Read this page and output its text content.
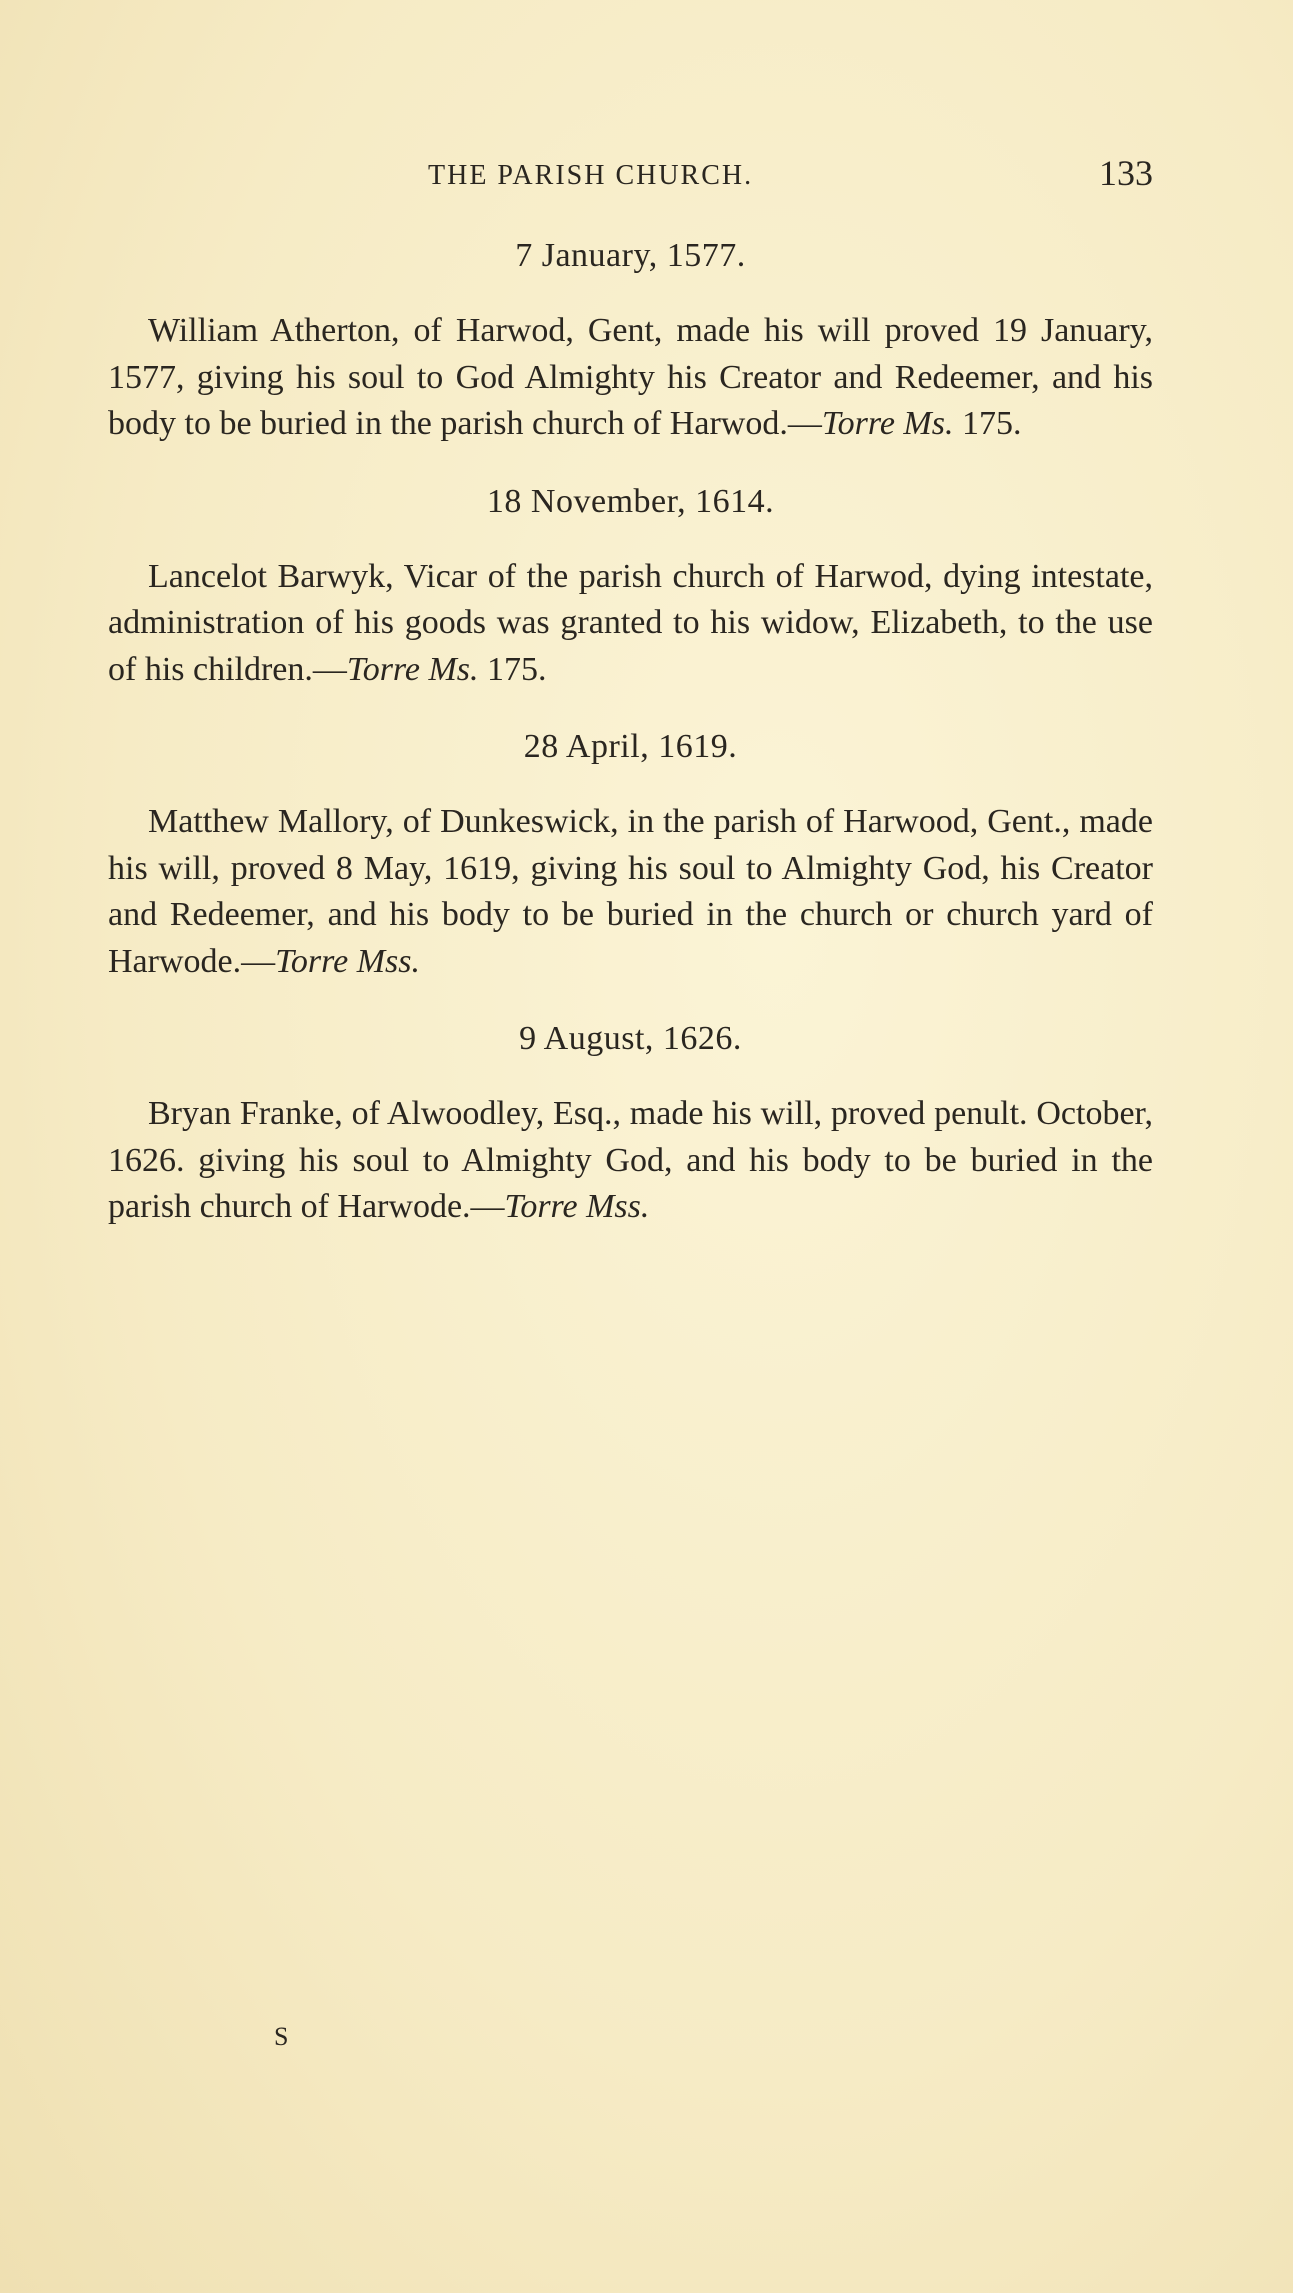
THE PARISH CHURCH.	133
7 January, 1577.

William Atherton, of Harwod, Gent, made his will proved 19 January, 1577, giving his soul to God Almighty his Creator and Redeemer, and his body to be buried in the parish church of Harwod.—Torre Ms. 175.

18 November, 1614.

Lancelot Barwyk, Vicar of the parish church of Harwod, dying intestate, administration of his goods was granted to his widow, Elizabeth, to the use of his children.—Torre Ms. 175.

28 April, 1619.

Matthew Mallory, of Dunkeswick, in the parish of Harwood, Gent., made his will, proved 8 May, 1619, giving his soul to Almighty God, his Creator and Redeemer, and his body to be buried in the church or church yard of Harwode.—Torre Mss.

9 August, 1626.

Bryan Franke, of Alwoodley, Esq., made his will, proved penult. October, 1626. giving his soul to Almighty God, and his body to be buried in the parish church of Harwode.—Torre Mss.

S
